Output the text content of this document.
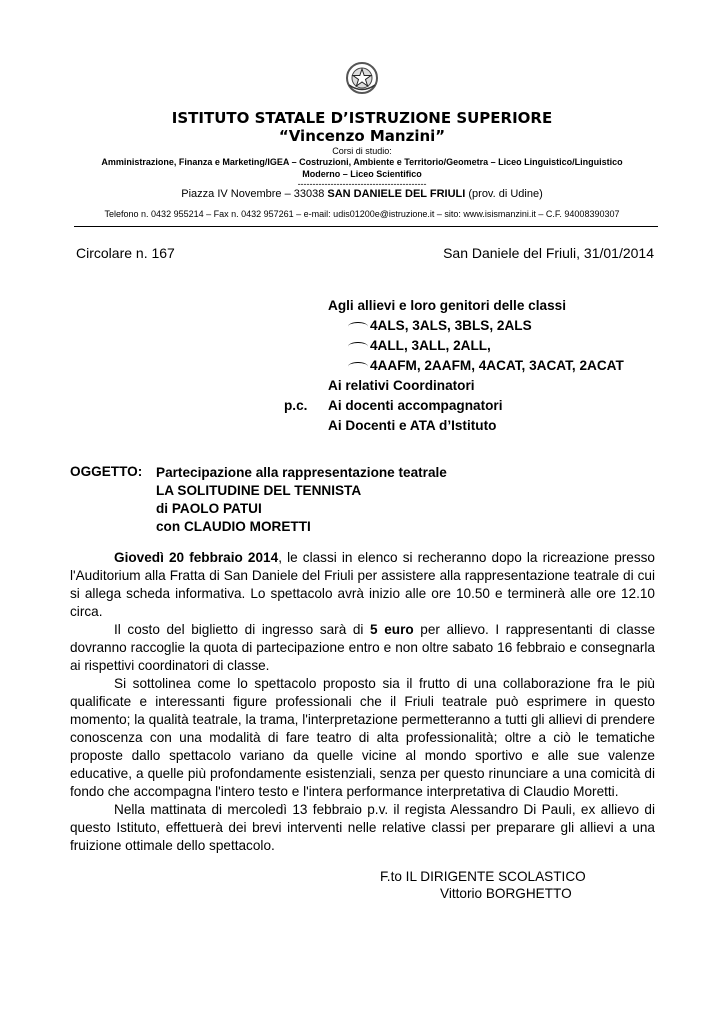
ISTITUTO STATALE D’ISTRUZIONE SUPERIORE
“Vincenzo Manzini”
Corsi di studio:
Amministrazione, Finanza e Marketing/IGEA – Costruzioni, Ambiente e Territorio/Geometra – Liceo Linguistico/Linguistico
Moderno – Liceo Scientifico
-------------------------------------------
Piazza IV Novembre – 33038 SAN DANIELE DEL FRIULI (prov. di Udine)
Telefono n. 0432 955214 – Fax n. 0432 957261 – e-mail: udis01200e@istruzione.it – sito: www.isismanzini.it – C.F. 94008390307
Circolare n. 167	San Daniele del Friuli, 31/01/2014
Agli allievi e loro genitori delle classi
4ALS, 3ALS, 3BLS, 2ALS
4ALL, 3ALL, 2ALL,
4AAFM, 2AAFM, 4ACAT, 3ACAT, 2ACAT
Ai relativi Coordinatori
Ai docenti accompagnatori
Ai Docenti e ATA d’Istituto
p.c.
OGGETTO: Partecipazione alla rappresentazione teatrale
LA SOLITUDINE DEL TENNISTA
di PAOLO PATUI
con CLAUDIO MORETTI

Giovedì 20 febbraio 2014, le classi in elenco si recheranno dopo la ricreazione presso l'Auditorium alla Fratta di San Daniele del Friuli per assistere alla rappresentazione teatrale di cui si allega scheda informativa. Lo spettacolo avrà inizio alle ore 10.50 e terminerà alle ore 12.10 circa.

Il costo del biglietto di ingresso sarà di 5 euro per allievo. I rappresentanti di classe dovranno raccoglie la quota di partecipazione entro e non oltre sabato 16 febbraio e consegnarla ai rispettivi coordinatori di classe.

Si sottolinea come lo spettacolo proposto sia il frutto di una collaborazione fra le più qualificate e interessanti figure professionali che il Friuli teatrale può esprimere in questo momento; la qualità teatrale, la trama, l'interpretazione permetteranno a tutti gli allievi di prendere conoscenza con una modalità di fare teatro di alta professionalità; oltre a ciò le tematiche proposte dallo spettacolo variano da quelle vicine al mondo sportivo e alle sue valenze educative, a quelle più profondamente esistenziali, senza per questo rinunciare a una comicità di fondo che accompagna l'intero testo e l'intera performance interpretativa di Claudio Moretti.

Nella mattinata di mercoledì 13 febbraio p.v. il regista Alessandro Di Pauli, ex allievo di questo Istituto, effettuerà dei brevi interventi nelle relative classi per preparare gli allievi a una fruizione ottimale dello spettacolo.

F.to IL DIRIGENTE SCOLASTICO
Vittorio BORGHETTO
